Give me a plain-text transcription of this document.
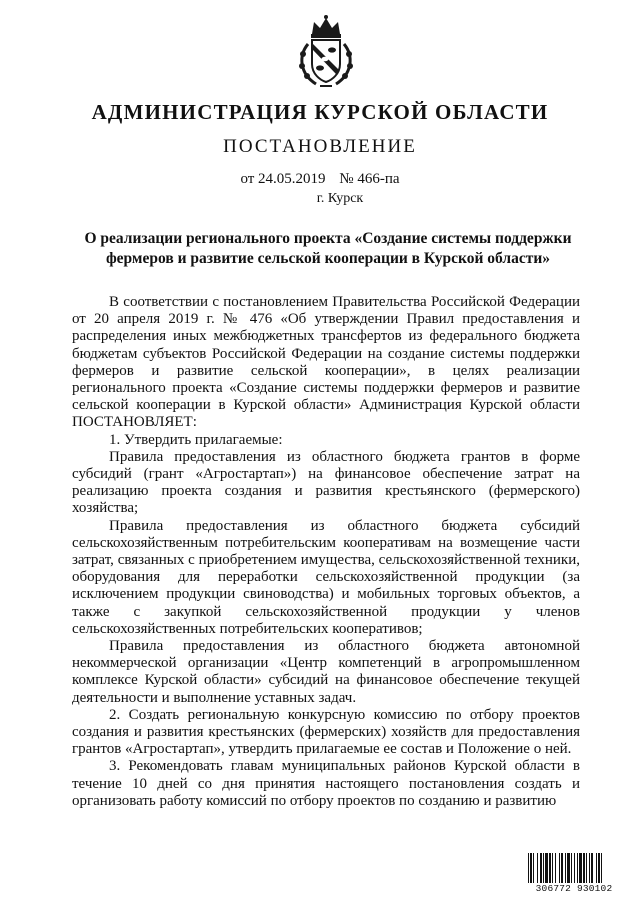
АДМИНИСТРАЦИЯ КУРСКОЙ ОБЛАСТИ
ПОСТАНОВЛЕНИЕ
от 24.05.2019 № 466-па
г. Курск
О реализации регионального проекта «Создание системы поддержки
фермеров и развитие сельской кооперации в Курской области»

В соответствии с постановлением Правительства Российской Федерации от 20 апреля 2019 г. № 476 «Об утверждении Правил предоставления и распределения иных межбюджетных трансфертов из федерального бюджета бюджетам субъектов Российской Федерации на создание системы поддержки фермеров и развитие сельской кооперации», в целях реализации регионального проекта «Создание системы поддержки фермеров и развитие сельской кооперации в Курской области» Администрация Курской области ПОСТАНОВЛЯЕТ:

1. Утвердить прилагаемые:

Правила предоставления из областного бюджета грантов в форме субсидий (грант «Агростартап») на финансовое обеспечение затрат на реализацию проекта создания и развития крестьянского (фермерского) хозяйства;

Правила предоставления из областного бюджета субсидий сельскохозяйственным потребительским кооперативам на возмещение части затрат, связанных с приобретением имущества, сельскохозяйственной техники, оборудования для переработки сельскохозяйственной продукции (за исключением продукции свиноводства) и мобильных торговых объектов, а также с закупкой сельскохозяйственной продукции у членов сельскохозяйственных потребительских кооперативов;

Правила предоставления из областного бюджета автономной некоммерческой организации «Центр компетенций в агропромышленном комплексе Курской области» субсидий на финансовое обеспечение текущей деятельности и выполнение уставных задач.

2. Создать региональную конкурсную комиссию по отбору проектов создания и развития крестьянских (фермерских) хозяйств для предоставления грантов «Агростартап», утвердить прилагаемые ее состав и Положение о ней.

3. Рекомендовать главам муниципальных районов Курской области в течение 10 дней со дня принятия настоящего постановления создать и организовать работу комиссий по отбору проектов по созданию и развитию

306772 930102
